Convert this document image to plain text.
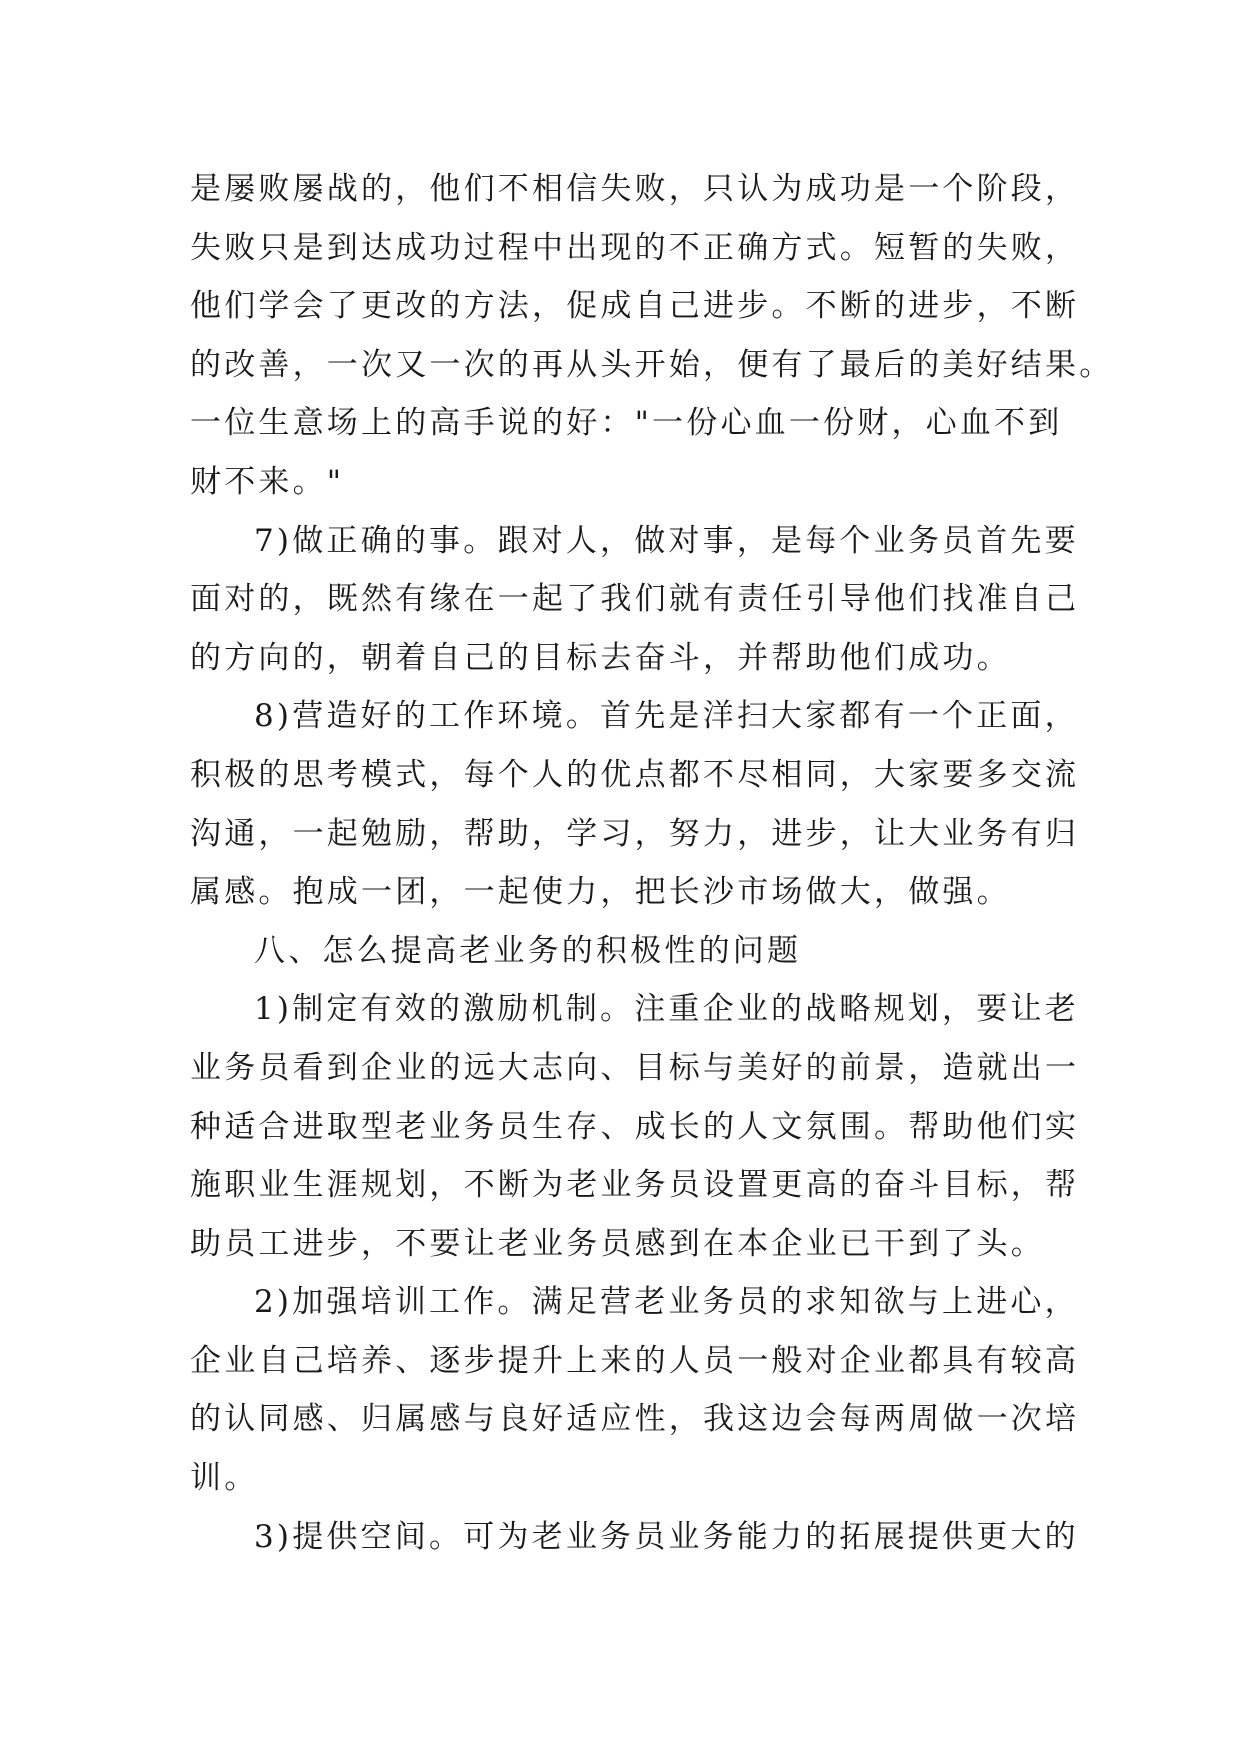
是屡败屡战的，他们不相信失败，只认为成功是一个阶段，
失败只是到达成功过程中出现的不正确方式。短暂的失败，
他们学会了更改的方法，促成自己进步。不断的进步，不断
的改善，一次又一次的再从头开始，便有了最后的美好结果。
一位生意场上的高手说的好："一份心血一份财，心血不到
财不来。"
7)做正确的事。跟对人，做对事，是每个业务员首先要
面对的，既然有缘在一起了我们就有责任引导他们找准自己
的方向的，朝着自己的目标去奋斗，并帮助他们成功。
8)营造好的工作环境。首先是洋扫大家都有一个正面，
积极的思考模式，每个人的优点都不尽相同，大家要多交流
沟通，一起勉励，帮助，学习，努力，进步，让大业务有归
属感。抱成一团，一起使力，把长沙市场做大，做强。
八、怎么提高老业务的积极性的问题
1)制定有效的激励机制。注重企业的战略规划，要让老
业务员看到企业的远大志向、目标与美好的前景，造就出一
种适合进取型老业务员生存、成长的人文氛围。帮助他们实
施职业生涯规划，不断为老业务员设置更高的奋斗目标，帮
助员工进步，不要让老业务员感到在本企业已干到了头。
2)加强培训工作。满足营老业务员的求知欲与上进心，
企业自己培养、逐步提升上来的人员一般对企业都具有较高
的认同感、归属感与良好适应性，我这边会每两周做一次培
训。
3)提供空间。可为老业务员业务能力的拓展提供更大的
